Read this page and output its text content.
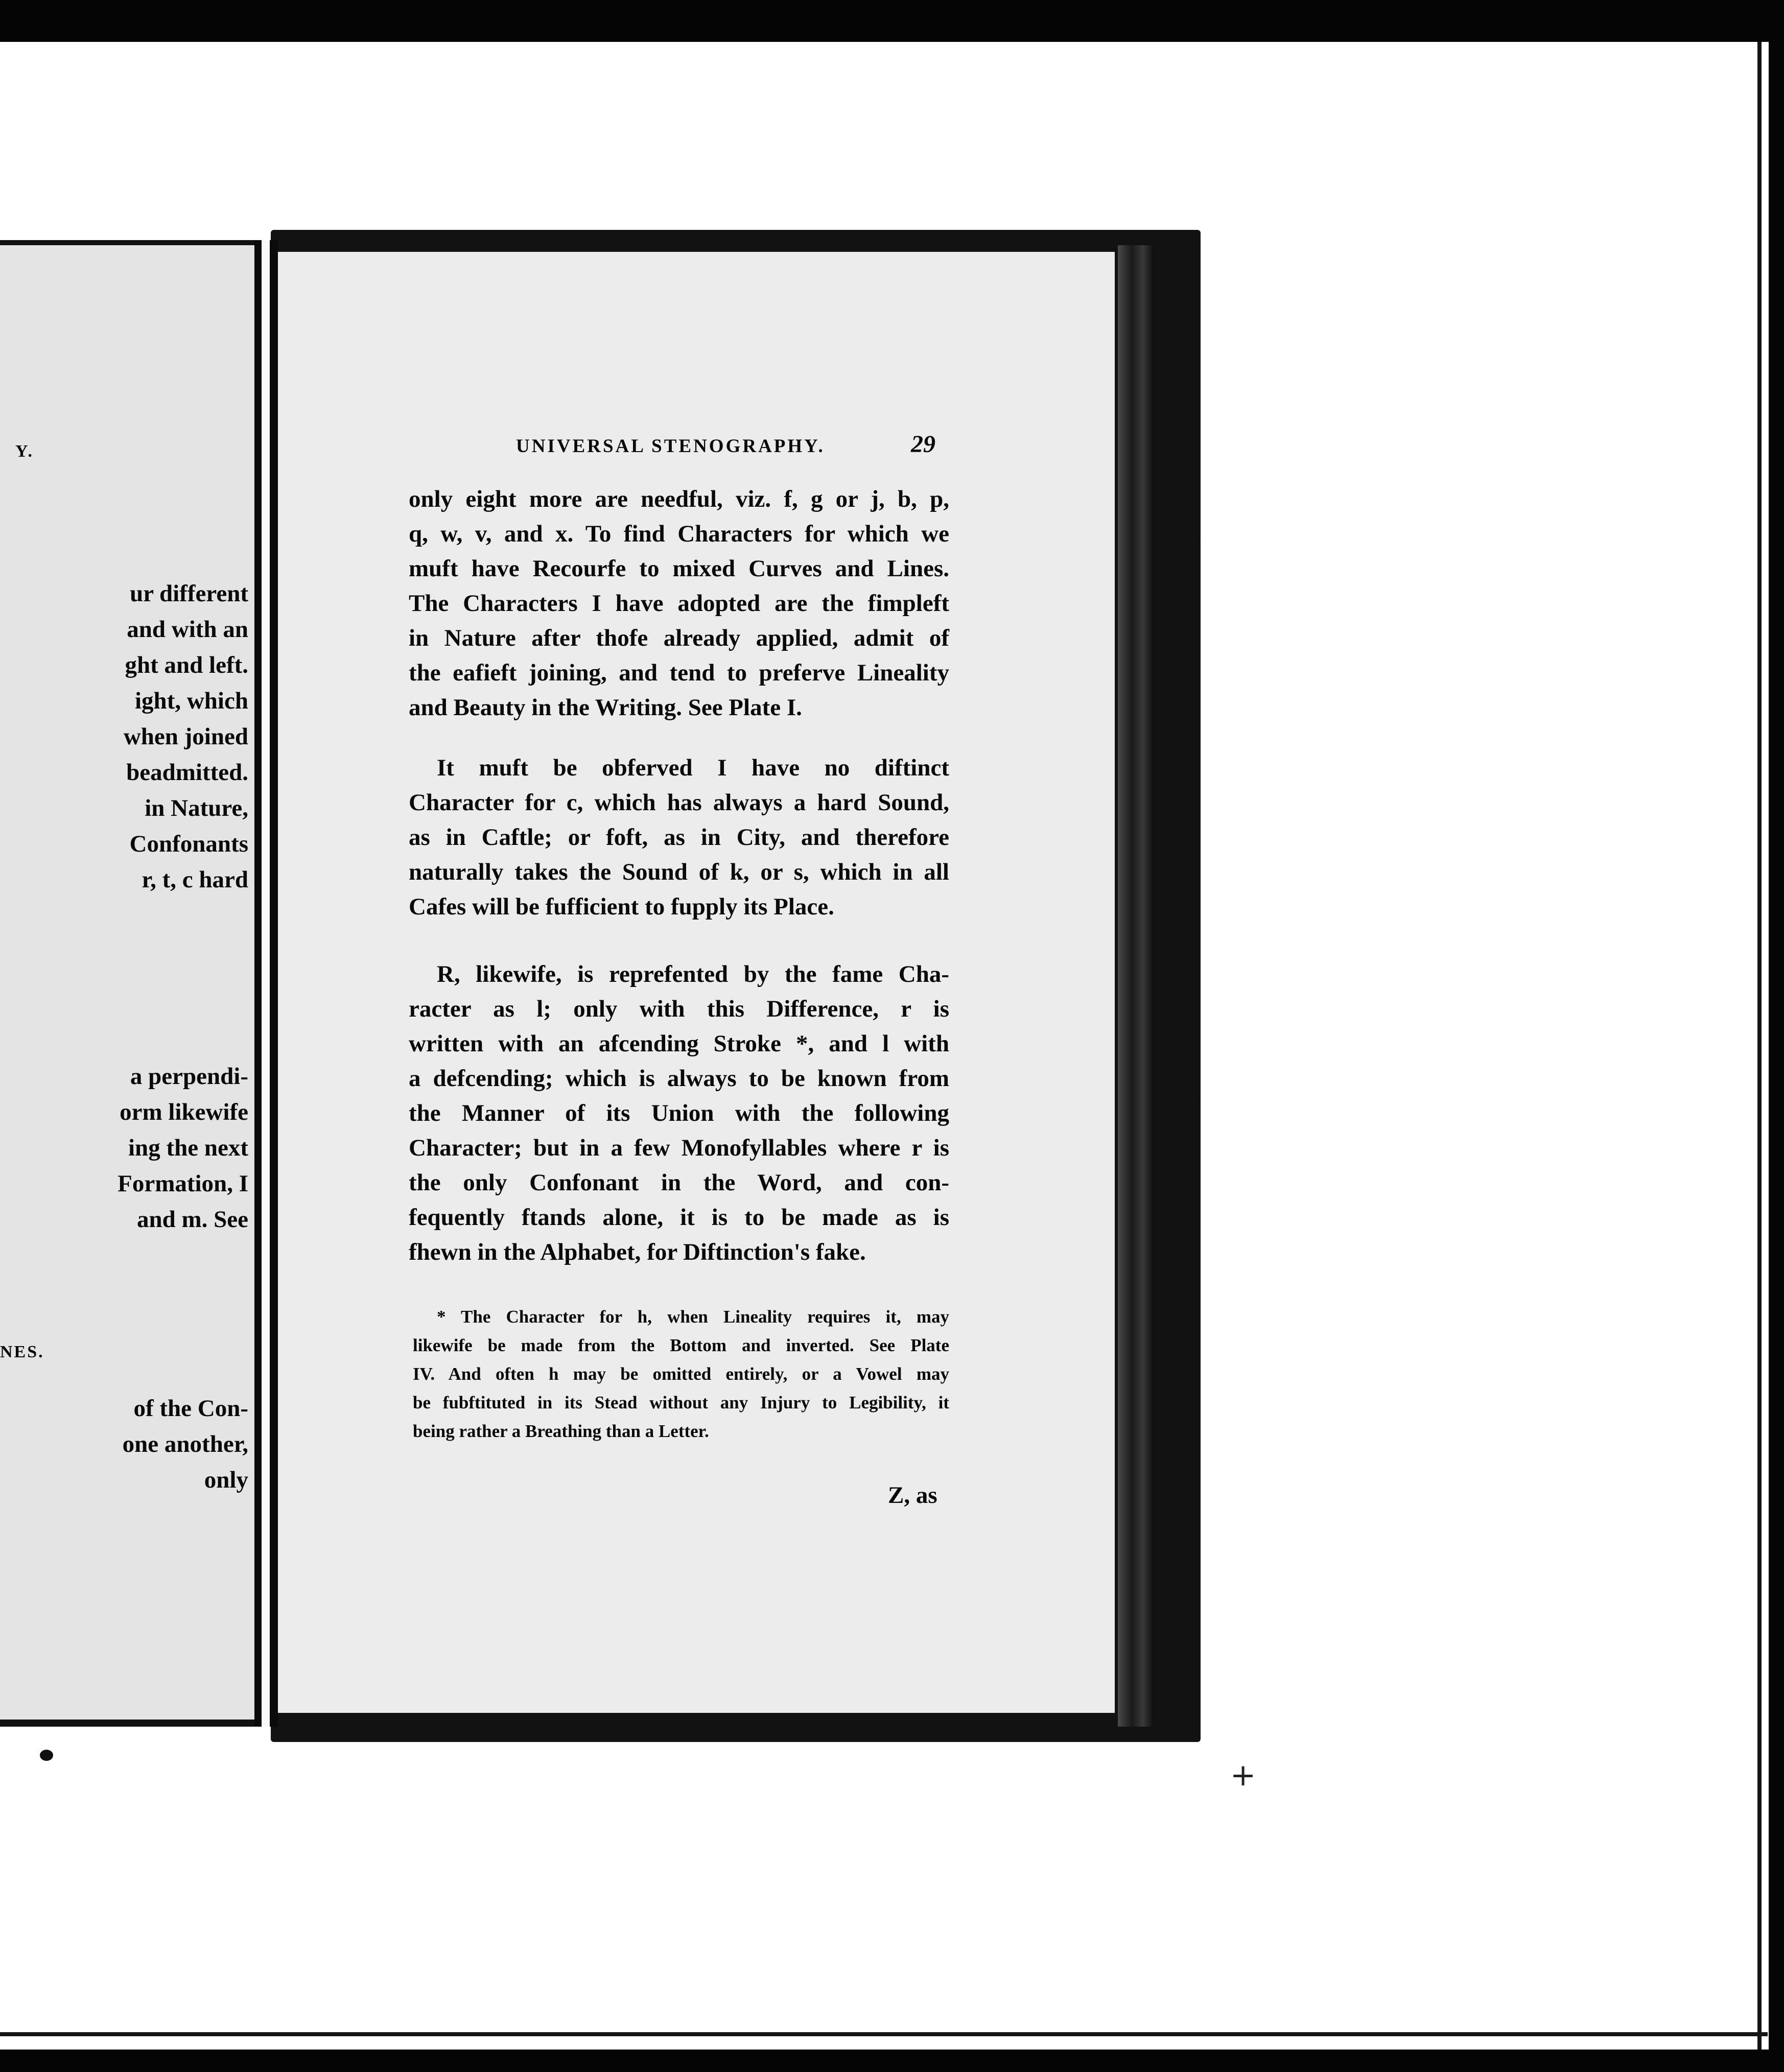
Y.
ur different
and with an
ght and left.
ight, which
when joined
beadmitted.
in Nature,
Confonants
r, t, c hard
a perpendi-
orm likewife
ing the next
Formation, I
and m. See
NES.
of the Con-
one another,
only
UNIVERSAL STENOGRAPHY.	29
only eight more are needful, viz. f, g or j, b, p,
q, w, v, and x. To find Characters for which we
muft have Recourfe to mixed Curves and Lines.
The Characters I have adopted are the fimpleft
in Nature after thofe already applied, admit of
the eafieft joining, and tend to preferve Lineality
and Beauty in the Writing. See Plate I.
It muft be obferved I have no diftinct
Character for c, which has always a hard Sound,
as in Caftle; or foft, as in City, and therefore
naturally takes the Sound of k, or s, which in all
Cafes will be fufficient to fupply its Place.
R, likewife, is reprefented by the fame Cha-
racter as l; only with this Difference, r is
written with an afcending Stroke *, and l with
a defcending; which is always to be known from
the Manner of its Union with the following
Character; but in a few Monofyllables where r is
the only Confonant in the Word, and con-
fequently ftands alone, it is to be made as is
fhewn in the Alphabet, for Diftinction's fake.
* The Character for h, when Lineality requires it, may
likewife be made from the Bottom and inverted. See Plate
IV. And often h may be omitted entirely, or a Vowel may
be fubftituted in its Stead without any Injury to Legibility, it
being rather a Breathing than a Letter.
Z, as
+
